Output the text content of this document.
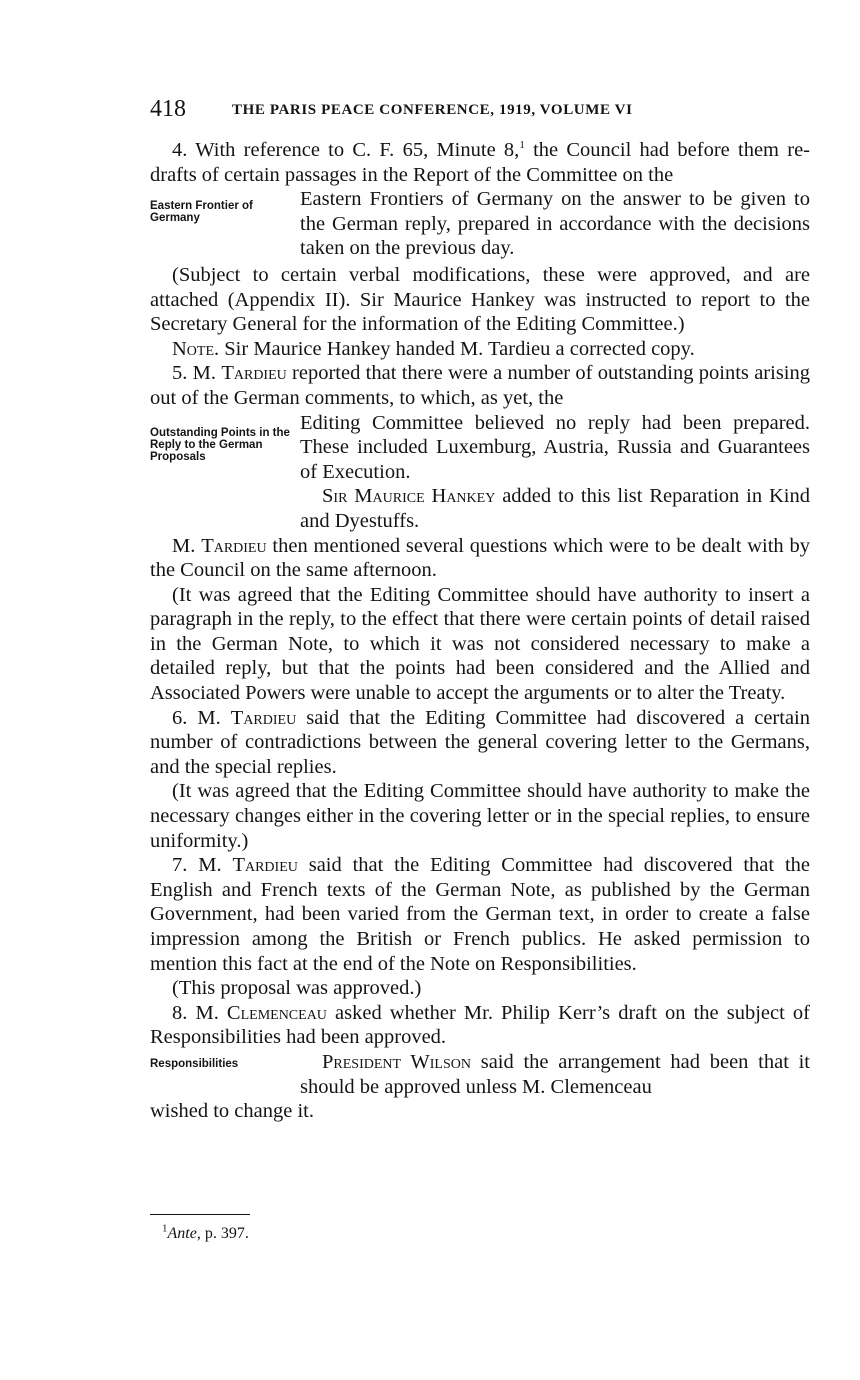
418	THE PARIS PEACE CONFERENCE, 1919, VOLUME VI

4. With reference to C. F. 65, Minute 8,$^1$ the Council had before them re-drafts of certain passages in the Report of the Committee on the

Eastern Frontier of Germany
Eastern Frontiers of Germany on the answer to be given to the German reply, prepared in accordance with the decisions taken on the previous day.

(Subject to certain verbal modifications, these were approved, and are attached (Appendix II). Sir Maurice Hankey was instructed to report to the Secretary General for the information of the Editing Committee.)

Note. Sir Maurice Hankey handed M. Tardieu a corrected copy.

5. M. Tardieu reported that there were a number of outstanding points arising out of the German comments, to which, as yet, the

Outstanding Points in the Reply to the German Proposals

Editing Committee believed no reply had been prepared. These included Luxemburg, Austria, Russia and Guarantees of Execution.

Sir Maurice Hankey added to this list Reparation in Kind and Dyestuffs.

M. Tardieu then mentioned several questions which were to be dealt with by the Council on the same afternoon.

(It was agreed that the Editing Committee should have authority to insert a paragraph in the reply, to the effect that there were certain points of detail raised in the German Note, to which it was not considered necessary to make a detailed reply, but that the points had been considered and the Allied and Associated Powers were unable to accept the arguments or to alter the Treaty.

6. M. Tardieu said that the Editing Committee had discovered a certain number of contradictions between the general covering letter to the Germans, and the special replies.

(It was agreed that the Editing Committee should have authority to make the necessary changes either in the covering letter or in the special replies, to ensure uniformity.)

7. M. Tardieu said that the Editing Committee had discovered that the English and French texts of the German Note, as published by the German Government, had been varied from the German text, in order to create a false impression among the British or French publics. He asked permission to mention this fact at the end of the Note on Responsibilities.

(This proposal was approved.)

8. M. Clemenceau asked whether Mr. Philip Kerr’s draft on the subject of Responsibilities had been approved.

Responsibilities	President Wilson said the arrangement had been that it should be approved unless M. Clemenceau

wished to change it.

$^1$Ante, p. 397.
